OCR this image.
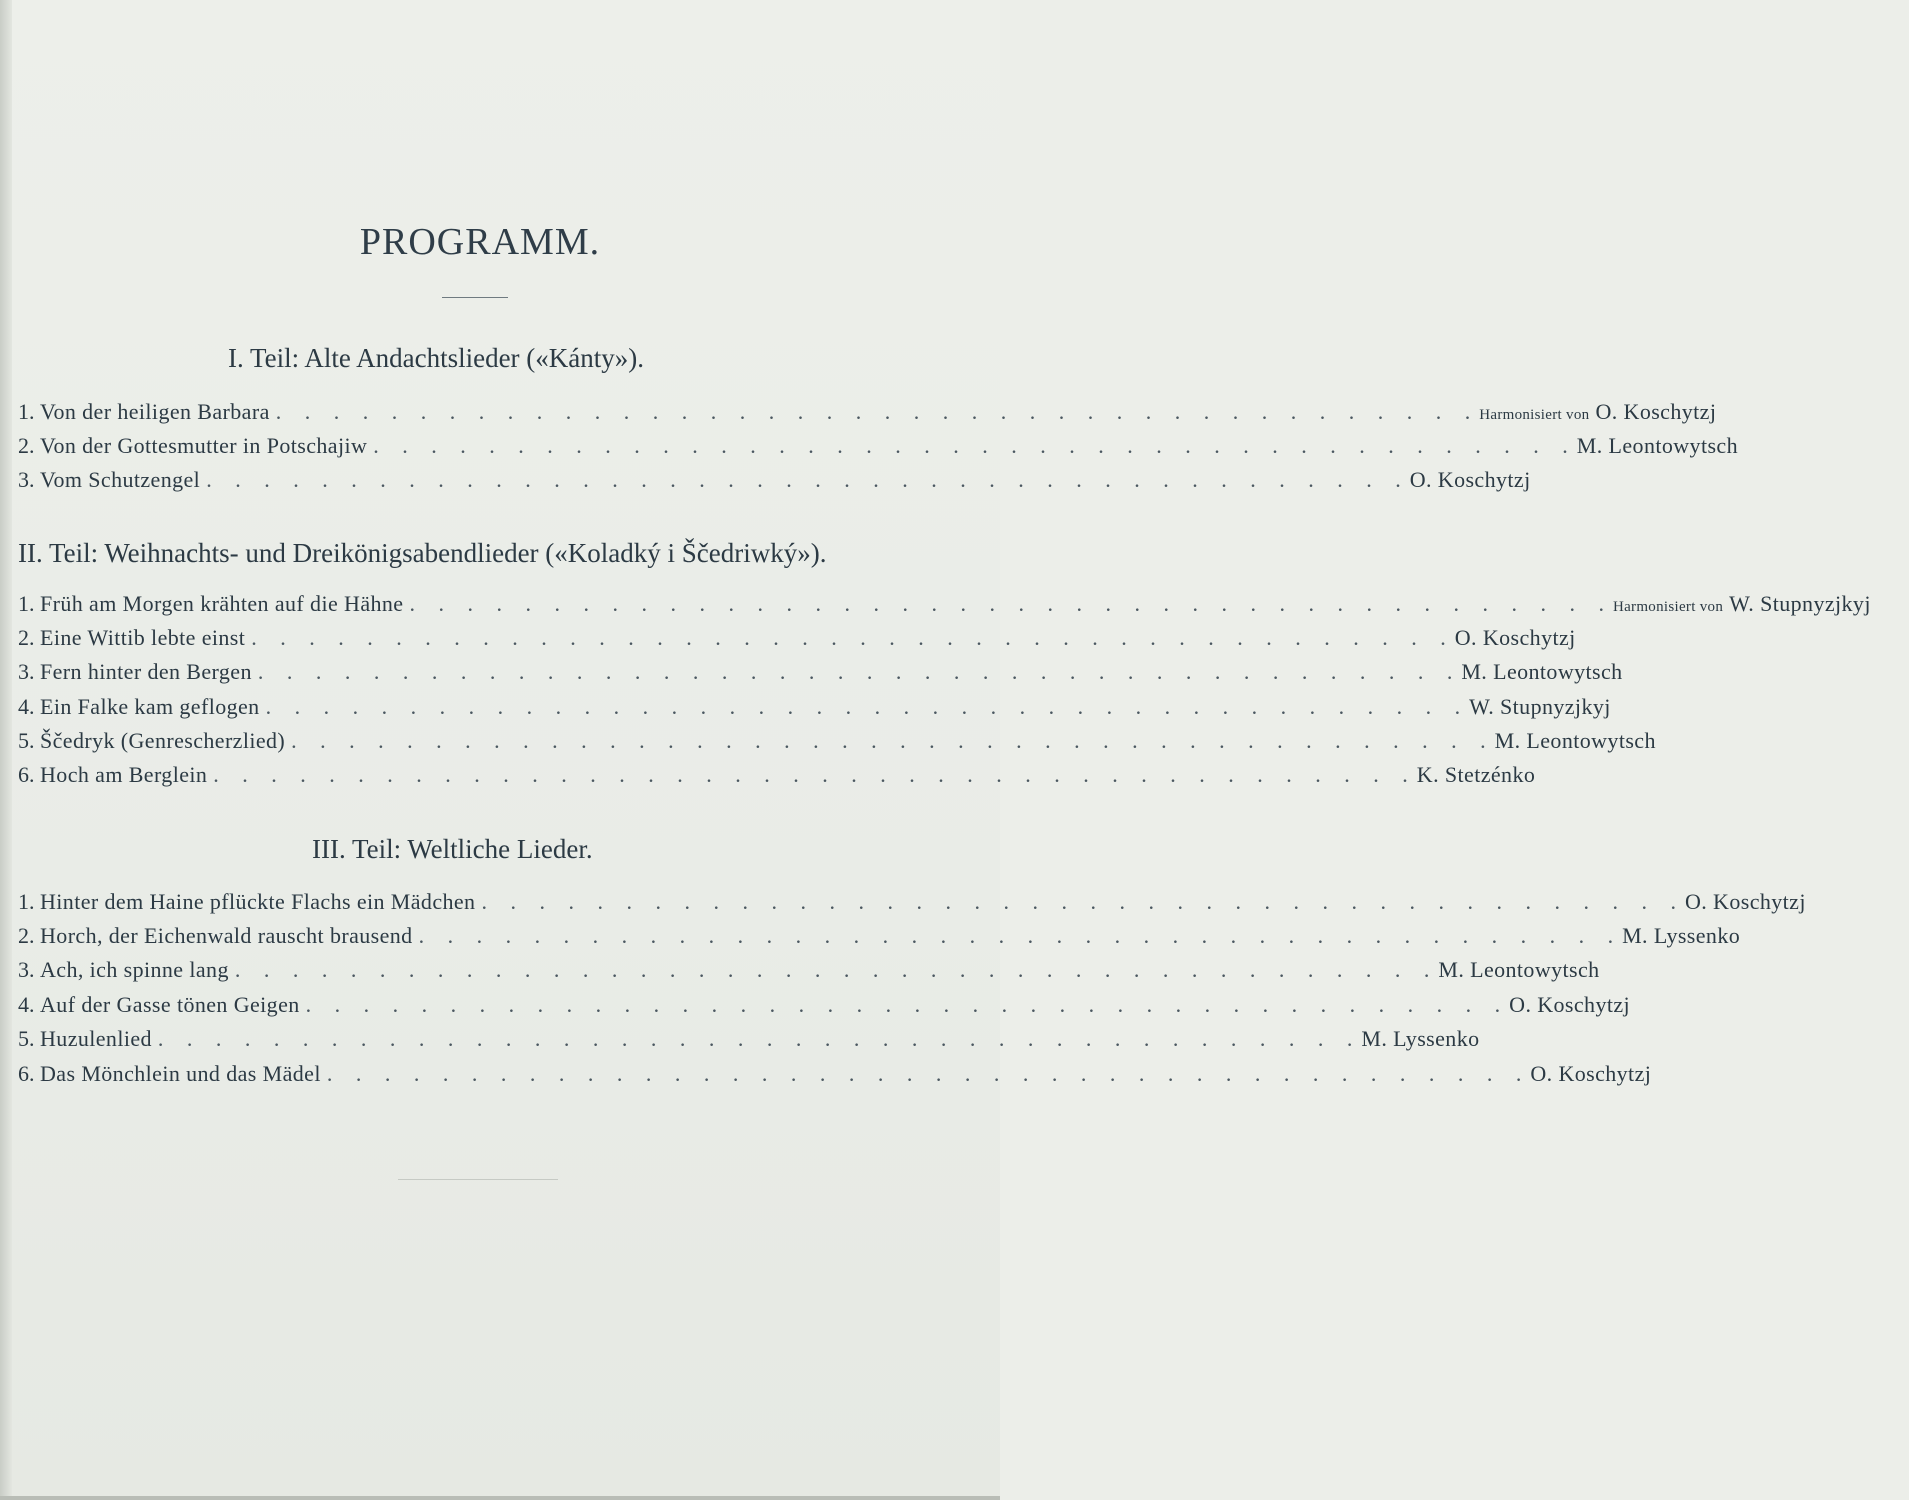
PROGRAMM.
I. Teil: Alte Andachtslieder («Kánty»).
1. Von der heiligen Barbara . . . . . . . . . . . . . . . . . . . . . . . . . . . . . . . . . . . . . . . . . . Harmonisiert von O. Koschytzj
2. Von der Gottesmutter in Potschajiw . . . . . . . . . . . . . . . . . . . . . . . . . . . . . . . . . . . . . . . . . . M. Leontowytsch
3. Vom Schutzengel . . . . . . . . . . . . . . . . . . . . . . . . . . . . . . . . . . . . . . . . . . O. Koschytzj
II. Teil: Weihnachts- und Dreikönigsabendlieder («Koladký i Ščedriwký»).
1. Früh am Morgen krähten auf die Hähne . . . . . . . . . . . . . . . . . . . . . . . . . . . . . . . . . . . . . . . . . . Harmonisiert von W. Stupnyzjkyj
2. Eine Wittib lebte einst . . . . . . . . . . . . . . . . . . . . . . . . . . . . . . . . . . . . . . . . . . O. Koschytzj
3. Fern hinter den Bergen . . . . . . . . . . . . . . . . . . . . . . . . . . . . . . . . . . . . . . . . . . M. Leontowytsch
4. Ein Falke kam geflogen . . . . . . . . . . . . . . . . . . . . . . . . . . . . . . . . . . . . . . . . . . W. Stupnyzjkyj
5. Ščedryk (Genrescherzlied) . . . . . . . . . . . . . . . . . . . . . . . . . . . . . . . . . . . . . . . . . . M. Leontowytsch
6. Hoch am Berglein . . . . . . . . . . . . . . . . . . . . . . . . . . . . . . . . . . . . . . . . . . K. Stetzénko
III. Teil: Weltliche Lieder.
1. Hinter dem Haine pflückte Flachs ein Mädchen . . . . . . . . . . . . . . . . . . . . . . . . . . . . . . . . . . . . . . . . . . O. Koschytzj
2. Horch, der Eichenwald rauscht brausend . . . . . . . . . . . . . . . . . . . . . . . . . . . . . . . . . . . . . . . . . . M. Lyssenko
3. Ach, ich spinne lang . . . . . . . . . . . . . . . . . . . . . . . . . . . . . . . . . . . . . . . . . . M. Leontowytsch
4. Auf der Gasse tönen Geigen . . . . . . . . . . . . . . . . . . . . . . . . . . . . . . . . . . . . . . . . . . O. Koschytzj
5. Huzulenlied . . . . . . . . . . . . . . . . . . . . . . . . . . . . . . . . . . . . . . . . . . M. Lyssenko
6. Das Mönchlein und das Mädel . . . . . . . . . . . . . . . . . . . . . . . . . . . . . . . . . . . . . . . . . . O. Koschytzj
